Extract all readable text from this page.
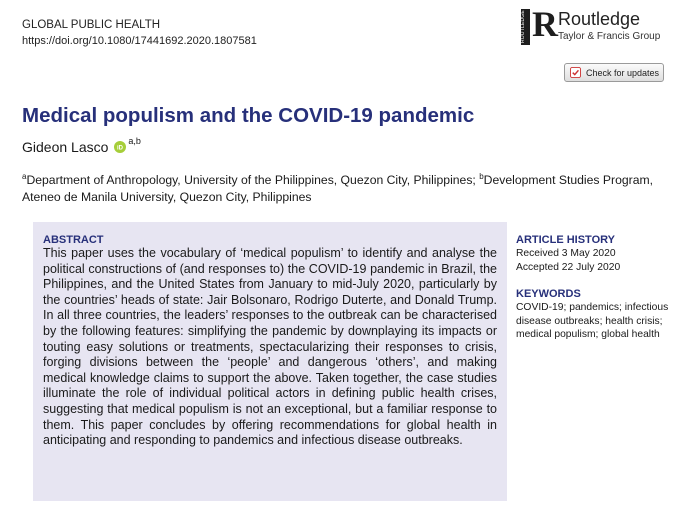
GLOBAL PUBLIC HEALTH
https://doi.org/10.1080/17441692.2020.1807581	ROUTLEDGE R Routledge
Taylor & Francis Group
Check for updates
Medical populism and the COVID-19 pandemic
Gideon Lasco iD
$^{a,b}$
$^a$Department of Anthropology, University of the Philippines, Quezon City, Philippines; $^b$Development Studies Program, Ateneo de Manila University, Quezon City, Philippines
ABSTRACT

This paper uses the vocabulary of ‘medical populism’ to identify and analyse the political constructions of (and responses to) the COVID-19 pandemic in Brazil, the Philippines, and the United States from January to mid-July 2020, particularly by the countries’ heads of state: Jair Bolsonaro, Rodrigo Duterte, and Donald Trump. In all three countries, the leaders’ responses to the outbreak can be characterised by the following features: simplifying the pandemic by downplaying its impacts or touting easy solutions or treatments, spectacularizing their responses to crisis, forging divisions between the ‘people’ and dangerous ‘others’, and making medical knowledge claims to support the above. Taken together, the case studies illuminate the role of individual political actors in defining public health crises, suggesting that medical populism is not an exceptional, but a familiar response to them. This paper concludes by offering recommendations for global health in anticipating and responding to pandemics and infectious disease outbreaks.

ARTICLE HISTORY
Received 3 May 2020
Accepted 22 July 2020
KEYWORDS
COVID-19; pandemics; infectious disease outbreaks; health crisis; medical populism; global health
